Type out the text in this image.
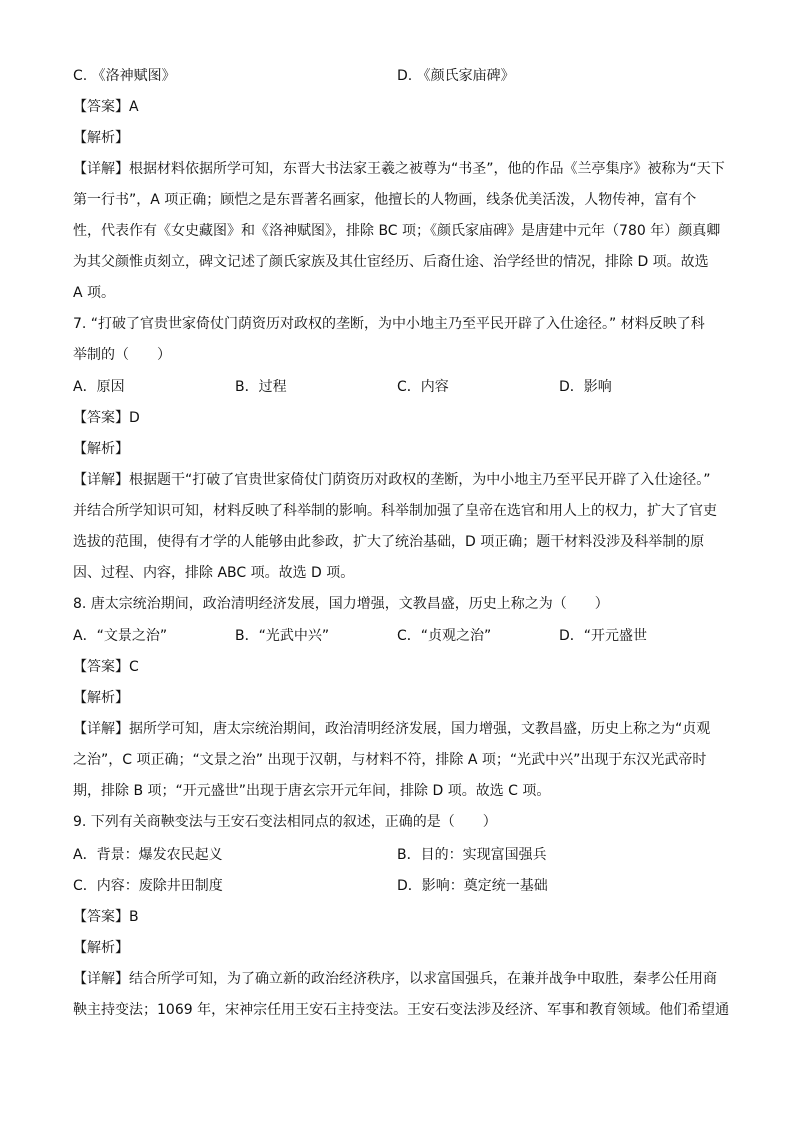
C. 《洛神赋图》	D. 《颜氏家庙碑》
【答案】A
【解析】
【详解】根据材料依据所学可知，东晋大书法家王羲之被尊为“书圣”，他的作品《兰亭集序》被称为“天下
第一行书”，A 项正确；顾恺之是东晋著名画家，他擅长的人物画，线条优美活泼，人物传神，富有个
性，代表作有《女史藏图》和《洛神赋图》，排除 BC 项；《颜氏家庙碑》是唐建中元年（780 年）颜真卿
为其父颜惟贞刻立，碑文记述了颜氏家族及其仕宦经历、后裔仕途、治学经世的情况，排除 D 项。故选
A 项。
7. “打破了官贵世家倚仗门荫资历对政权的垄断，为中小地主乃至平民开辟了入仕途径。” 材料反映了科
举制的（　　）
A．原因	B．过程	C．内容	D．影响
【答案】D
【解析】
【详解】根据题干“打破了官贵世家倚仗门荫资历对政权的垄断，为中小地主乃至平民开辟了入仕途径。”
并结合所学知识可知，材料反映了科举制的影响。科举制加强了皇帝在选官和用人上的权力，扩大了官吏
选拔的范围，使得有才学的人能够由此参政，扩大了统治基础，D 项正确；题干材料没涉及科举制的原
因、过程、内容，排除 ABC 项。故选 D 项。
8. 唐太宗统治期间，政治清明经济发展，国力增强，文教昌盛，历史上称之为（　　）
A．“文景之治”	B．“光武中兴”	C．“贞观之治”	D．“开元盛世
【答案】C
【解析】
【详解】据所学可知，唐太宗统治期间，政治清明经济发展，国力增强，文教昌盛，历史上称之为“贞观
之治”，C 项正确；“文景之治” 出现于汉朝，与材料不符，排除 A 项；“光武中兴”出现于东汉光武帝时
期，排除 B 项；“开元盛世”出现于唐玄宗开元年间，排除 D 项。故选 C 项。
9. 下列有关商鞅变法与王安石变法相同点的叙述，正确的是（　　）
A．背景：爆发农民起义	B．目的：实现富国强兵
C．内容：废除井田制度	D．影响：奠定统一基础
【答案】B
【解析】
【详解】结合所学可知，为了确立新的政治经济秩序，以求富国强兵，在兼并战争中取胜，秦孝公任用商
鞅主持变法；1069 年，宋神宗任用王安石主持变法。王安石变法涉及经济、军事和教育领域。他们希望通
